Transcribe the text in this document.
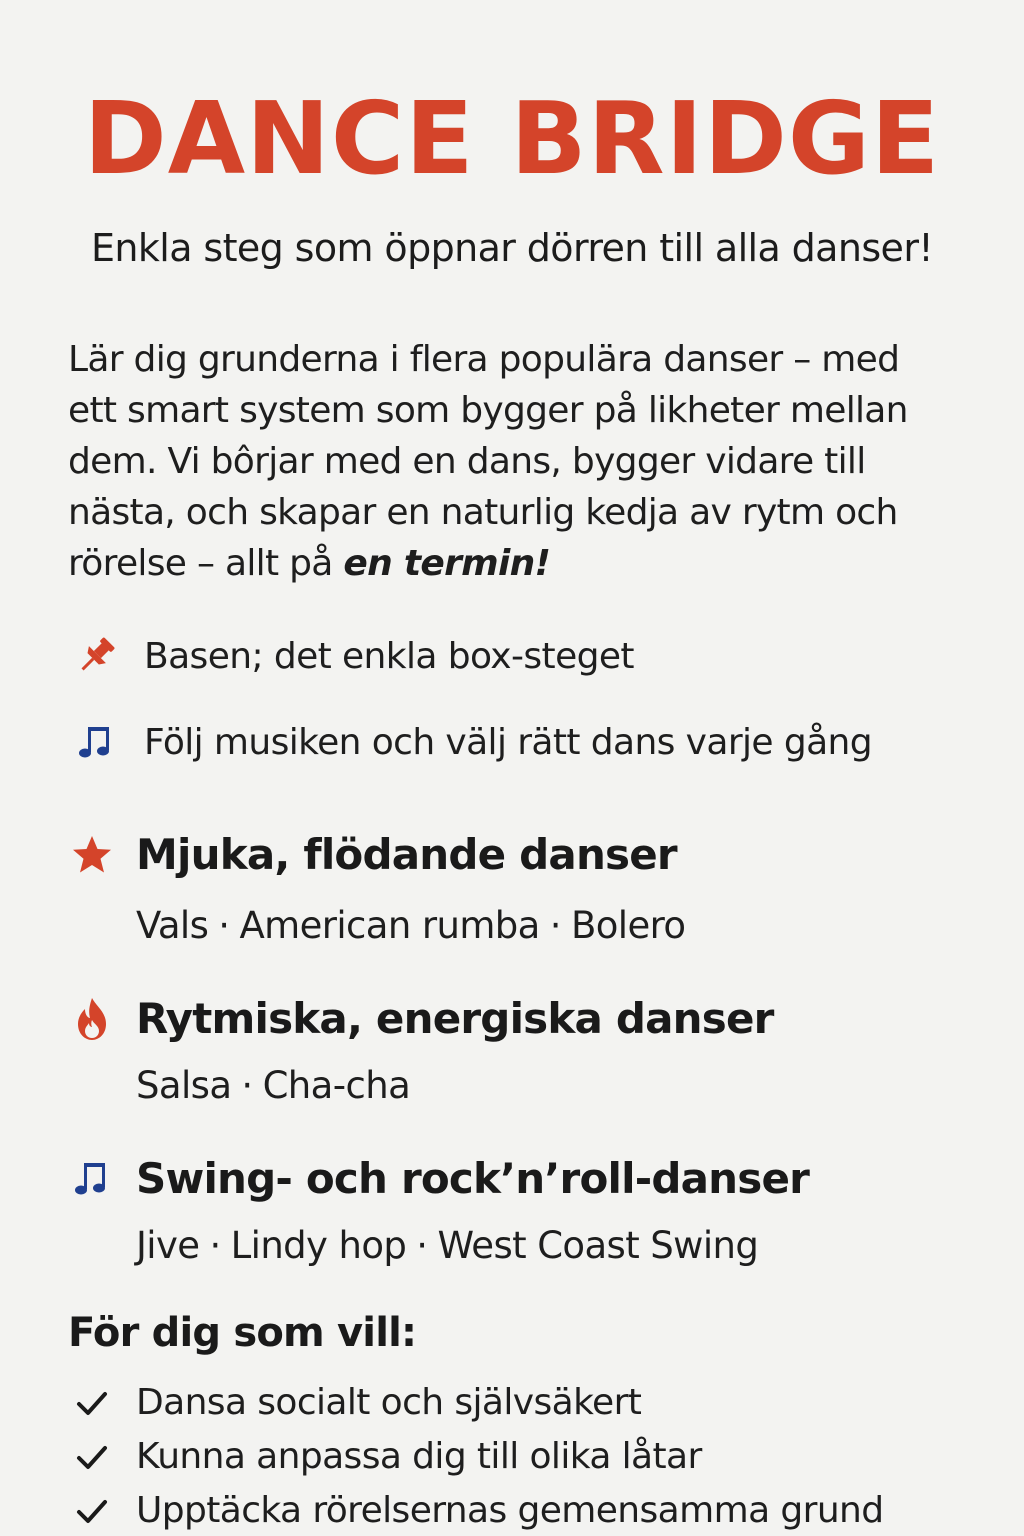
DANCE BRIDGE
Enkla steg som öppnar dörren till alla danser!
Lär dig grunderna i flera populära danser – med ett smart system som bygger på likheter mellan dem. Vi bôrjar med en dans, bygger vidare till nästa, och skapar en naturlig kedja av rytm och rörelse – allt på en termin!
Basen; det enkla box-steget
Följ musiken och välj rätt dans varje gång
Mjuka, flödande danser
Vals · American rumba · Bolero
Rytmiska, energiska danser
Salsa · Cha-cha
Swing- och rock’n’roll-danser
Jive · Lindy hop · West Coast Swing
För dig som vill:
Dansa socialt och självsäkert
Kunna anpassa dig till olika låtar
Upptäcka rörelsernas gemensamma grund
